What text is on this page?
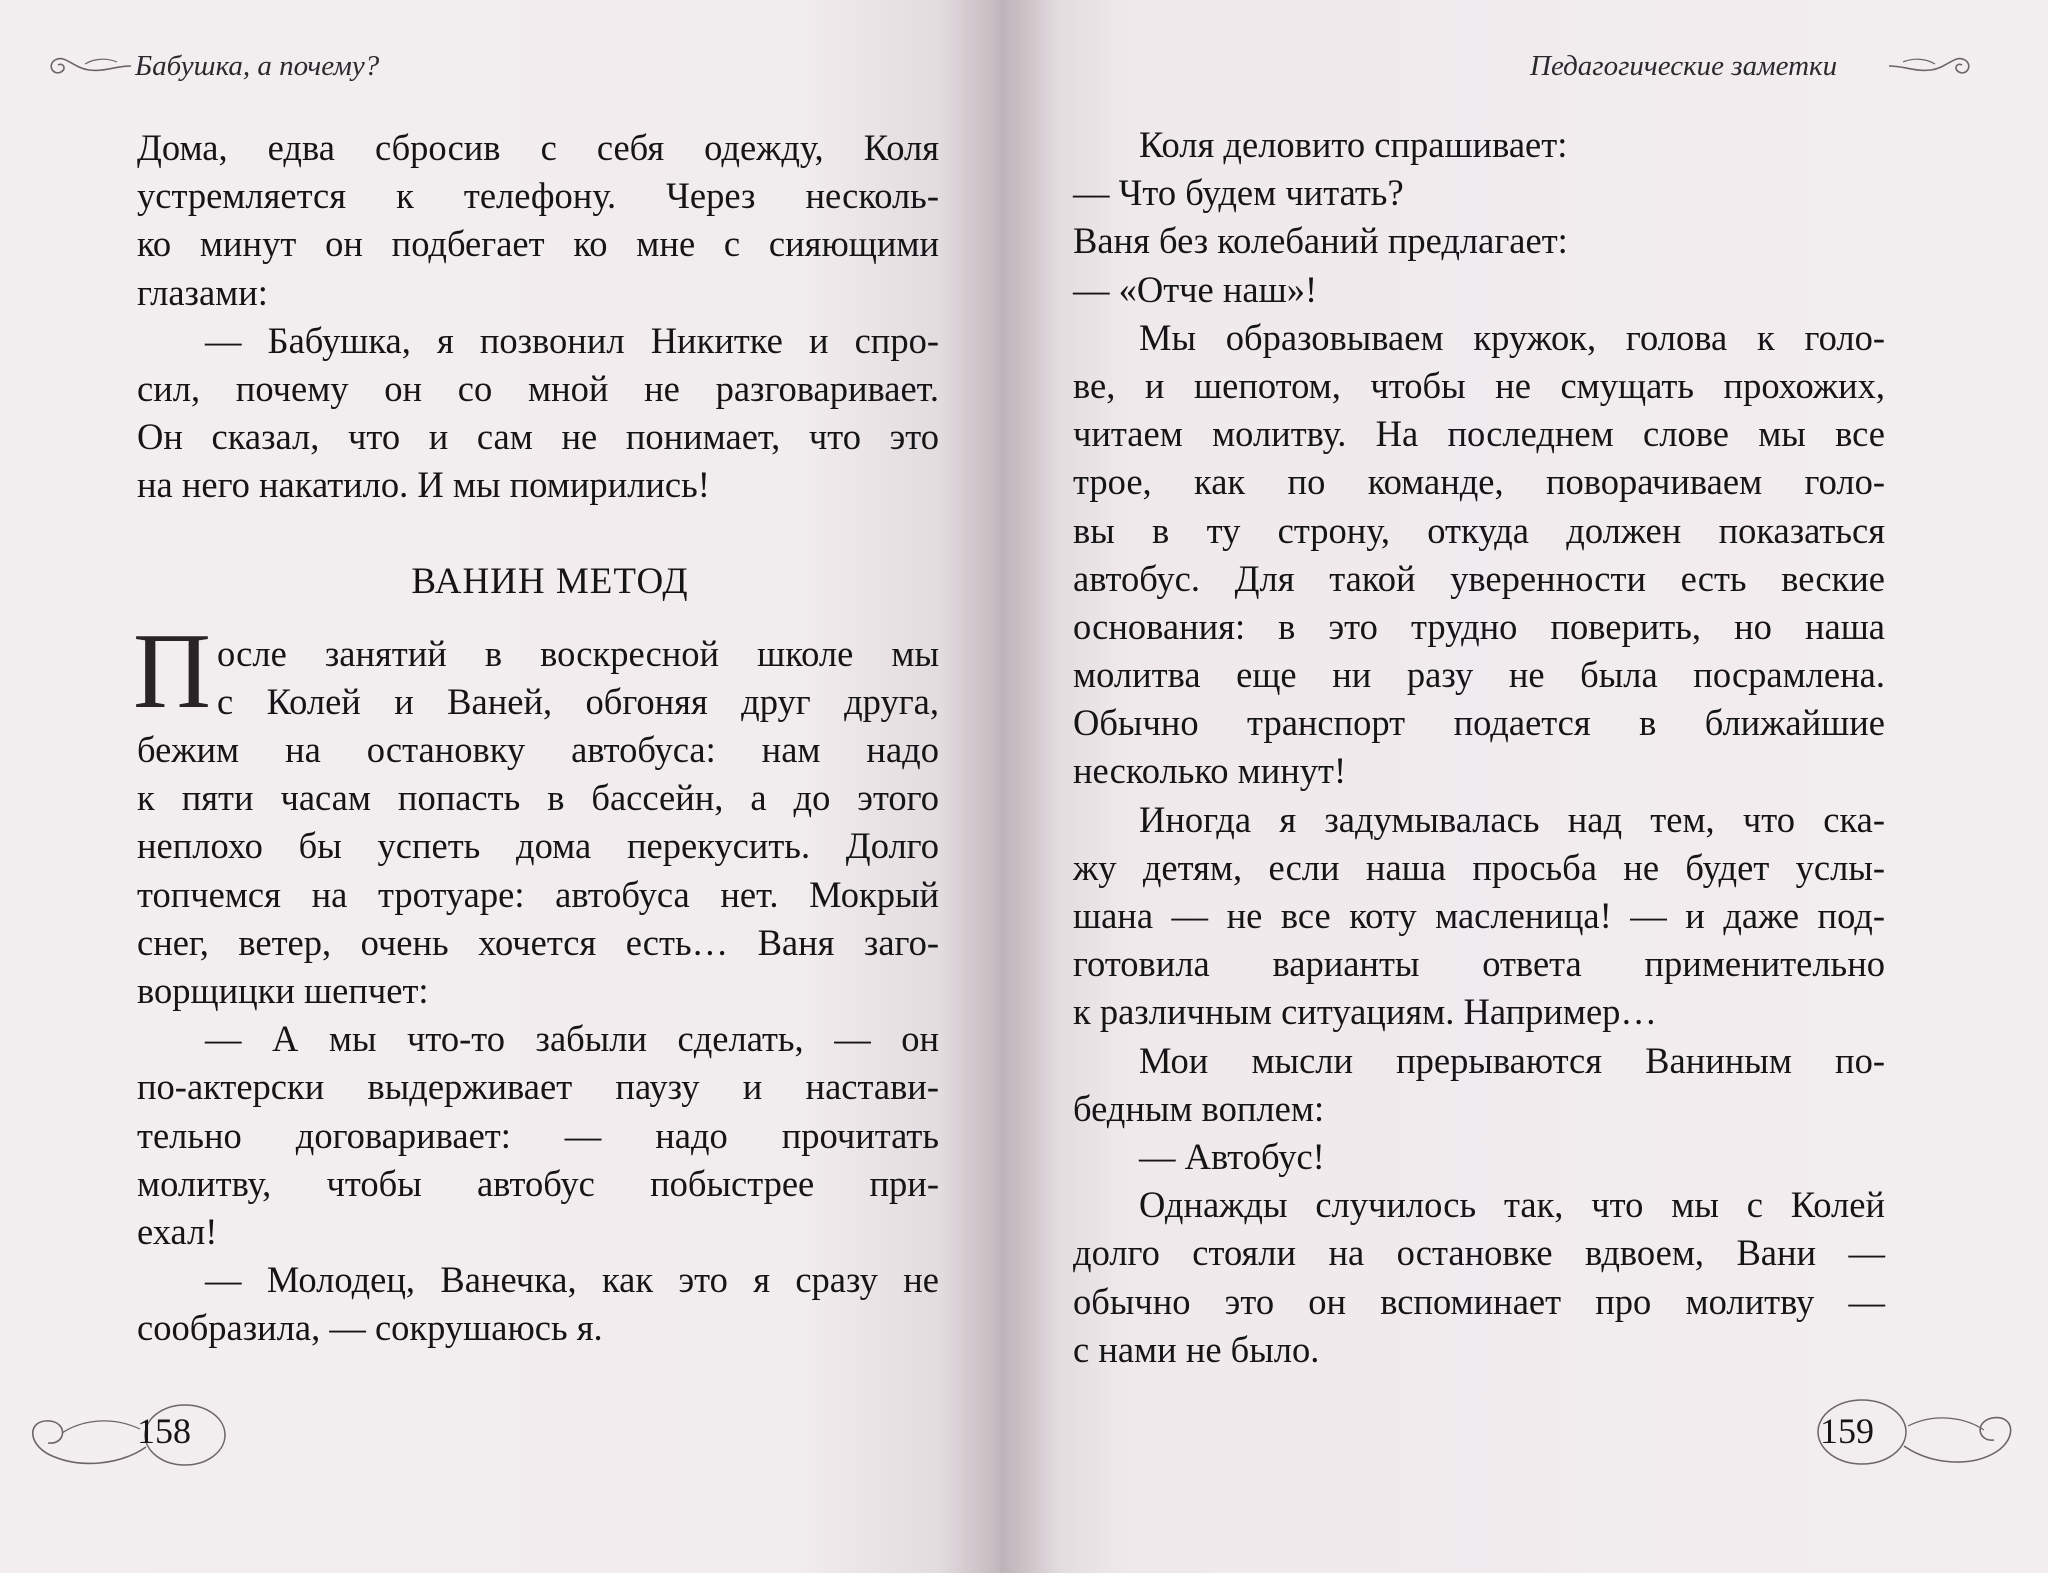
Бабушка, а почему?	Педагогические заметки
Дома, едва сбросив с себя одежду, Коля
устремляется к телефону. Через несколь-
ко минут он подбегает ко мне с сияющими
глазами:
— Бабушка, я позвонил Никитке и спро-
сил, почему он со мной не разговаривает.
Он сказал, что и сам не понимает, что это
на него накатило. И мы помирились!
ВАНИН МЕТОД
П осле занятий в воскресной школе мы
с Колей и Ваней, обгоняя друг друга,
бежим на остановку автобуса: нам надо
к пяти часам попасть в бассейн, а до этого
неплохо бы успеть дома перекусить. Долго
топчемся на тротуаре: автобуса нет. Мокрый
снег, ветер, очень хочется есть… Ваня заго-
ворщицки шепчет:
— А мы что-то забыли сделать, — он
по-актерски выдерживает паузу и настави-
тельно договаривает: — надо прочитать
молитву, чтобы автобус побыстрее при-
ехал!
— Молодец, Ванечка, как это я сразу не
сообразила, — сокрушаюсь я.
Коля деловито спрашивает:
— Что будем читать?
Ваня без колебаний предлагает:
— «Отче наш»!
Мы образовываем кружок, голова к голо-
ве, и шепотом, чтобы не смущать прохожих,
читаем молитву. На последнем слове мы все
трое, как по команде, поворачиваем голо-
вы в ту строну, откуда должен показаться
автобус. Для такой уверенности есть веские
основания: в это трудно поверить, но наша
молитва еще ни разу не была посрамлена.
Обычно транспорт подается в ближайшие
несколько минут!
Иногда я задумывалась над тем, что ска-
жу детям, если наша просьба не будет услы-
шана — не все коту масленица! — и даже под-
готовила варианты ответа применительно
к различным ситуациям. Например…
Мои мысли прерываются Ваниным по-
бедным воплем:
— Автобус!
Однажды случилось так, что мы с Колей
долго стояли на остановке вдвоем, Вани —
обычно это он вспоминает про молитву —
с нами не было.
158	159
